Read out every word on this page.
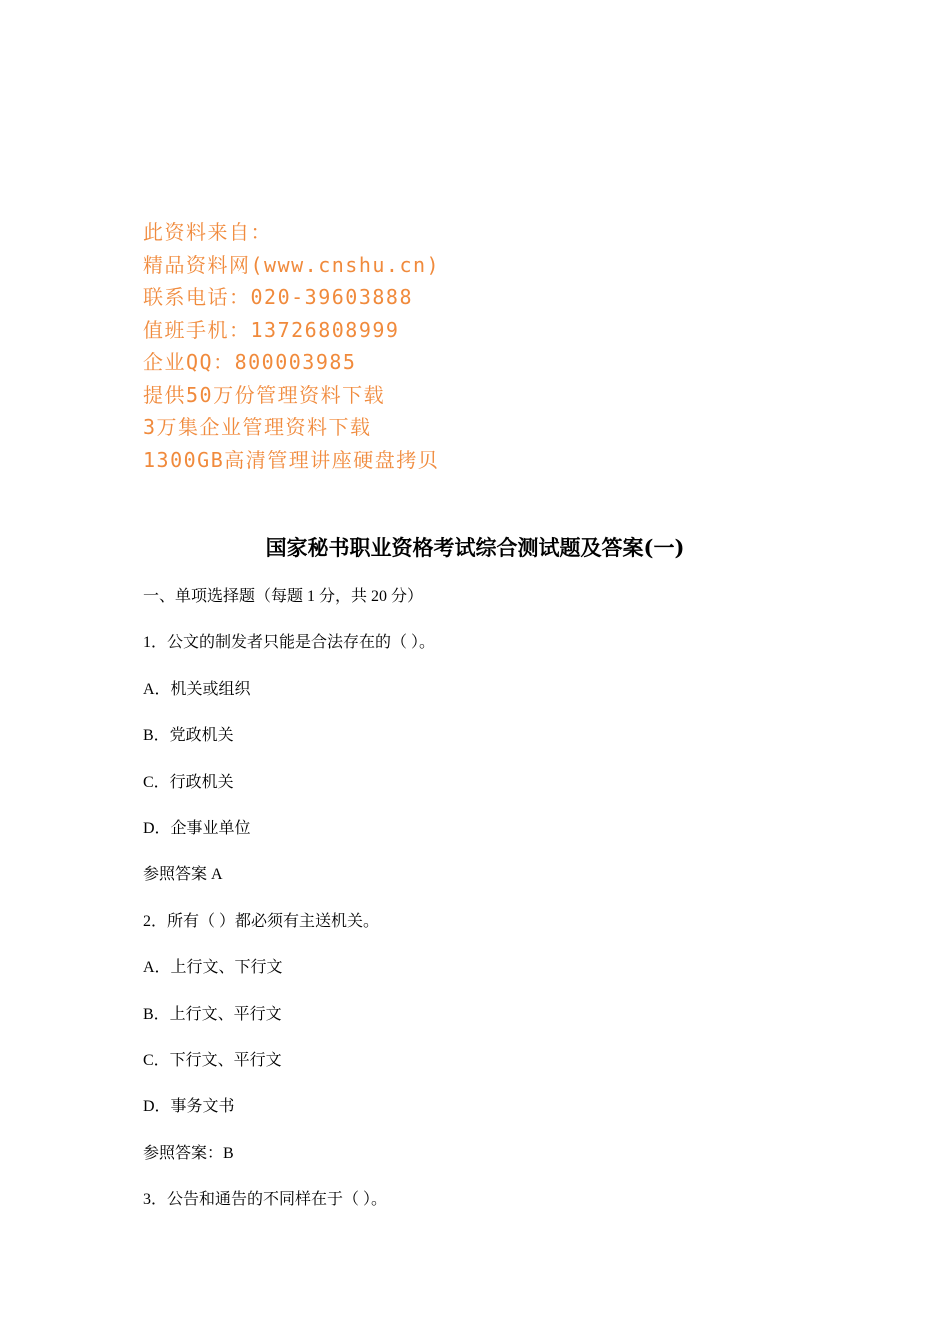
此资料来自：
精品资料网(www.cnshu.cn)
联系电话：020-39603888
值班手机：13726808999
企业QQ：800003985
提供50万份管理资料下载
3万集企业管理资料下载
1300GB高清管理讲座硬盘拷贝
国家秘书职业资格考试综合测试题及答案(一)
一、单项选择题（每题 1 分，共 20 分）
1．公文的制发者只能是合法存在的（ ）。
A．机关或组织
B．党政机关
C．行政机关
D．企事业单位
参照答案 A
2．所有（ ）都必须有主送机关。
A．上行文、下行文
B．上行文、平行文
C．下行文、平行文
D．事务文书
参照答案：B
3．公告和通告的不同样在于（ ）。
